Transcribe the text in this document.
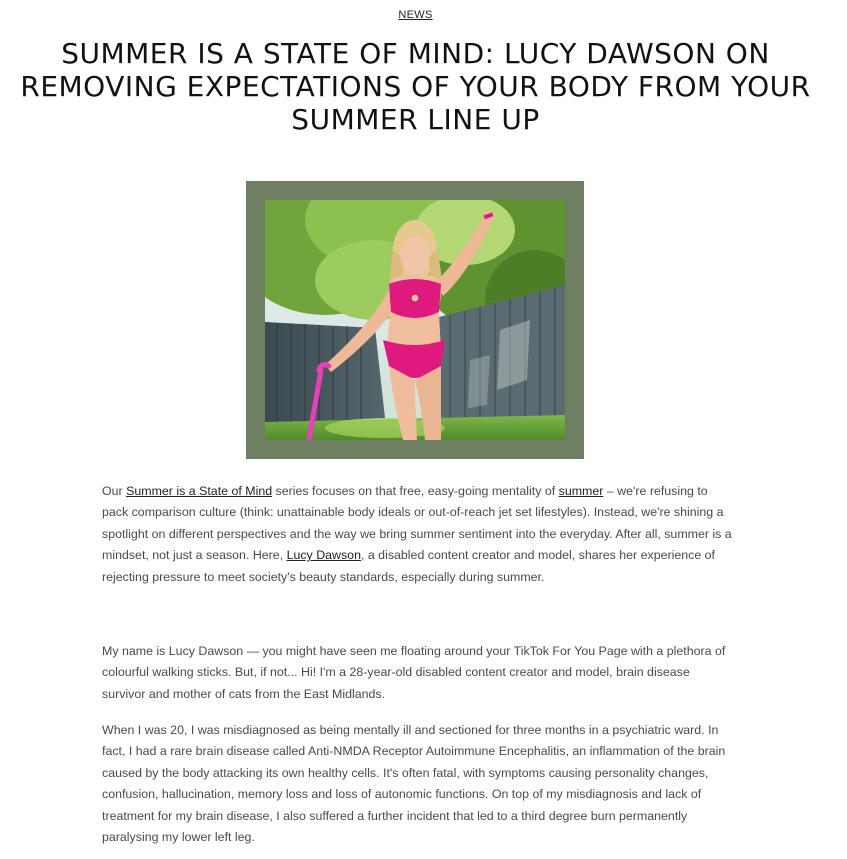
NEWS
SUMMER IS A STATE OF MIND: LUCY DAWSON ON REMOVING EXPECTATIONS OF YOUR BODY FROM YOUR SUMMER LINE UP

Our Summer is a State of Mind series focuses on that free, easy-going mentality of summer – we're refusing to pack comparison culture (think: unattainable body ideals or out-of-reach jet set lifestyles). Instead, we're shining a spotlight on different perspectives and the way we bring summer sentiment into the everyday. After all, summer is a mindset, not just a season. Here, Lucy Dawson, a disabled content creator and model, shares her experience of rejecting pressure to meet society's beauty standards, especially during summer.

My name is Lucy Dawson — you might have seen me floating around your TikTok For You Page with a plethora of colourful walking sticks. But, if not... Hi! I'm a 28-year-old disabled content creator and model, brain disease survivor and mother of cats from the East Midlands.

When I was 20, I was misdiagnosed as being mentally ill and sectioned for three months in a psychiatric ward. In fact, I had a rare brain disease called Anti-NMDA Receptor Autoimmune Encephalitis, an inflammation of the brain caused by the body attacking its own healthy cells. It's often fatal, with symptoms causing personality changes, confusion, hallucination, memory loss and loss of autonomic functions. On top of my misdiagnosis and lack of treatment for my brain disease, I also suffered a further incident that led to a third degree burn permanently paralysing my lower left leg.
